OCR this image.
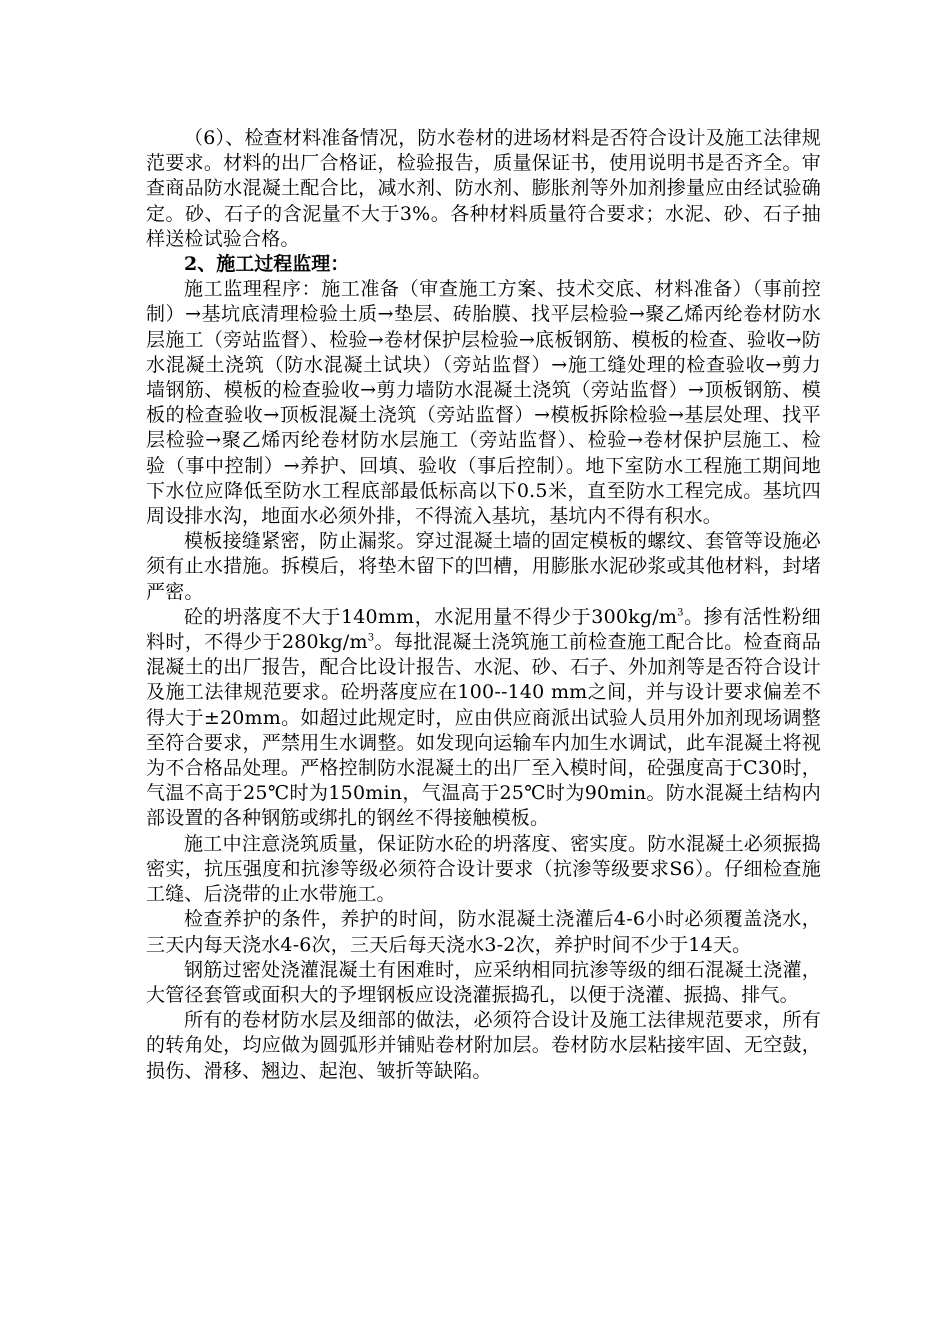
（6）、检查材料准备情况，防水卷材的进场材料是否符合设计及施工法律规范要求。材料的出厂合格证，检验报告，质量保证书，使用说明书是否齐全。审查商品防水混凝土配合比，减水剂、防水剂、膨胀剂等外加剂掺量应由经试验确定。砂、石子的含泥量不大于3%。各种材料质量符合要求；水泥、砂、石子抽样送检试验合格。

2、施工过程监理：

施工监理程序：施工准备（审查施工方案、技术交底、材料准备）（事前控制）→基坑底清理检验土质→垫层、砖胎膜、找平层检验→聚乙烯丙纶卷材防水层施工（旁站监督）、检验→卷材保护层检验→底板钢筋、模板的检查、验收→防水混凝土浇筑（防水混凝土试块）（旁站监督）→施工缝处理的检查验收→剪力墙钢筋、模板的检查验收→剪力墙防水混凝土浇筑（旁站监督）→顶板钢筋、模板的检查验收→顶板混凝土浇筑（旁站监督）→模板拆除检验→基层处理、找平层检验→聚乙烯丙纶卷材防水层施工（旁站监督）、检验→卷材保护层施工、检验（事中控制）→养护、回填、验收（事后控制）。地下室防水工程施工期间地下水位应降低至防水工程底部最低标高以下0.5米，直至防水工程完成。基坑四周设排水沟，地面水必须外排，不得流入基坑，基坑内不得有积水。

模板接缝紧密，防止漏浆。穿过混凝土墙的固定模板的螺纹、套管等设施必须有止水措施。拆模后，将垫木留下的凹槽，用膨胀水泥砂浆或其他材料，封堵严密。

砼的坍落度不大于140mm，水泥用量不得少于$300kg/m^3$。掺有活性粉细料时，不得少于$280kg/m^3$。每批混凝土浇筑施工前检查施工配合比。检查商品混凝土的出厂报告，配合比设计报告、水泥、砂、石子、外加剂等是否符合设计及施工法律规范要求。砼坍落度应在100--140 mm之间，并与设计要求偏差不得大于±20mm。如超过此规定时，应由供应商派出试验人员用外加剂现场调整至符合要求，严禁用生水调整。如发现向运输车内加生水调试，此车混凝土将视为不合格品处理。严格控制防水混凝土的出厂至入模时间，砼强度高于C30时，气温不高于25℃时为150min，气温高于25℃时为90min。防水混凝土结构内部设置的各种钢筋或绑扎的钢丝不得接触模板。

施工中注意浇筑质量，保证防水砼的坍落度、密实度。防水混凝土必须振捣密实，抗压强度和抗渗等级必须符合设计要求（抗渗等级要求S6）。仔细检查施工缝、后浇带的止水带施工。

检查养护的条件，养护的时间，防水混凝土浇灌后4-6小时必须覆盖浇水，三天内每天浇水4-6次，三天后每天浇水3-2次，养护时间不少于14天。

钢筋过密处浇灌混凝土有困难时，应采纳相同抗渗等级的细石混凝土浇灌，大管径套管或面积大的予埋钢板应设浇灌振捣孔，以便于浇灌、振捣、排气。

所有的卷材防水层及细部的做法，必须符合设计及施工法律规范要求，所有的转角处，均应做为圆弧形并铺贴卷材附加层。卷材防水层粘接牢固、无空鼓，损伤、滑移、翘边、起泡、皱折等缺陷。
